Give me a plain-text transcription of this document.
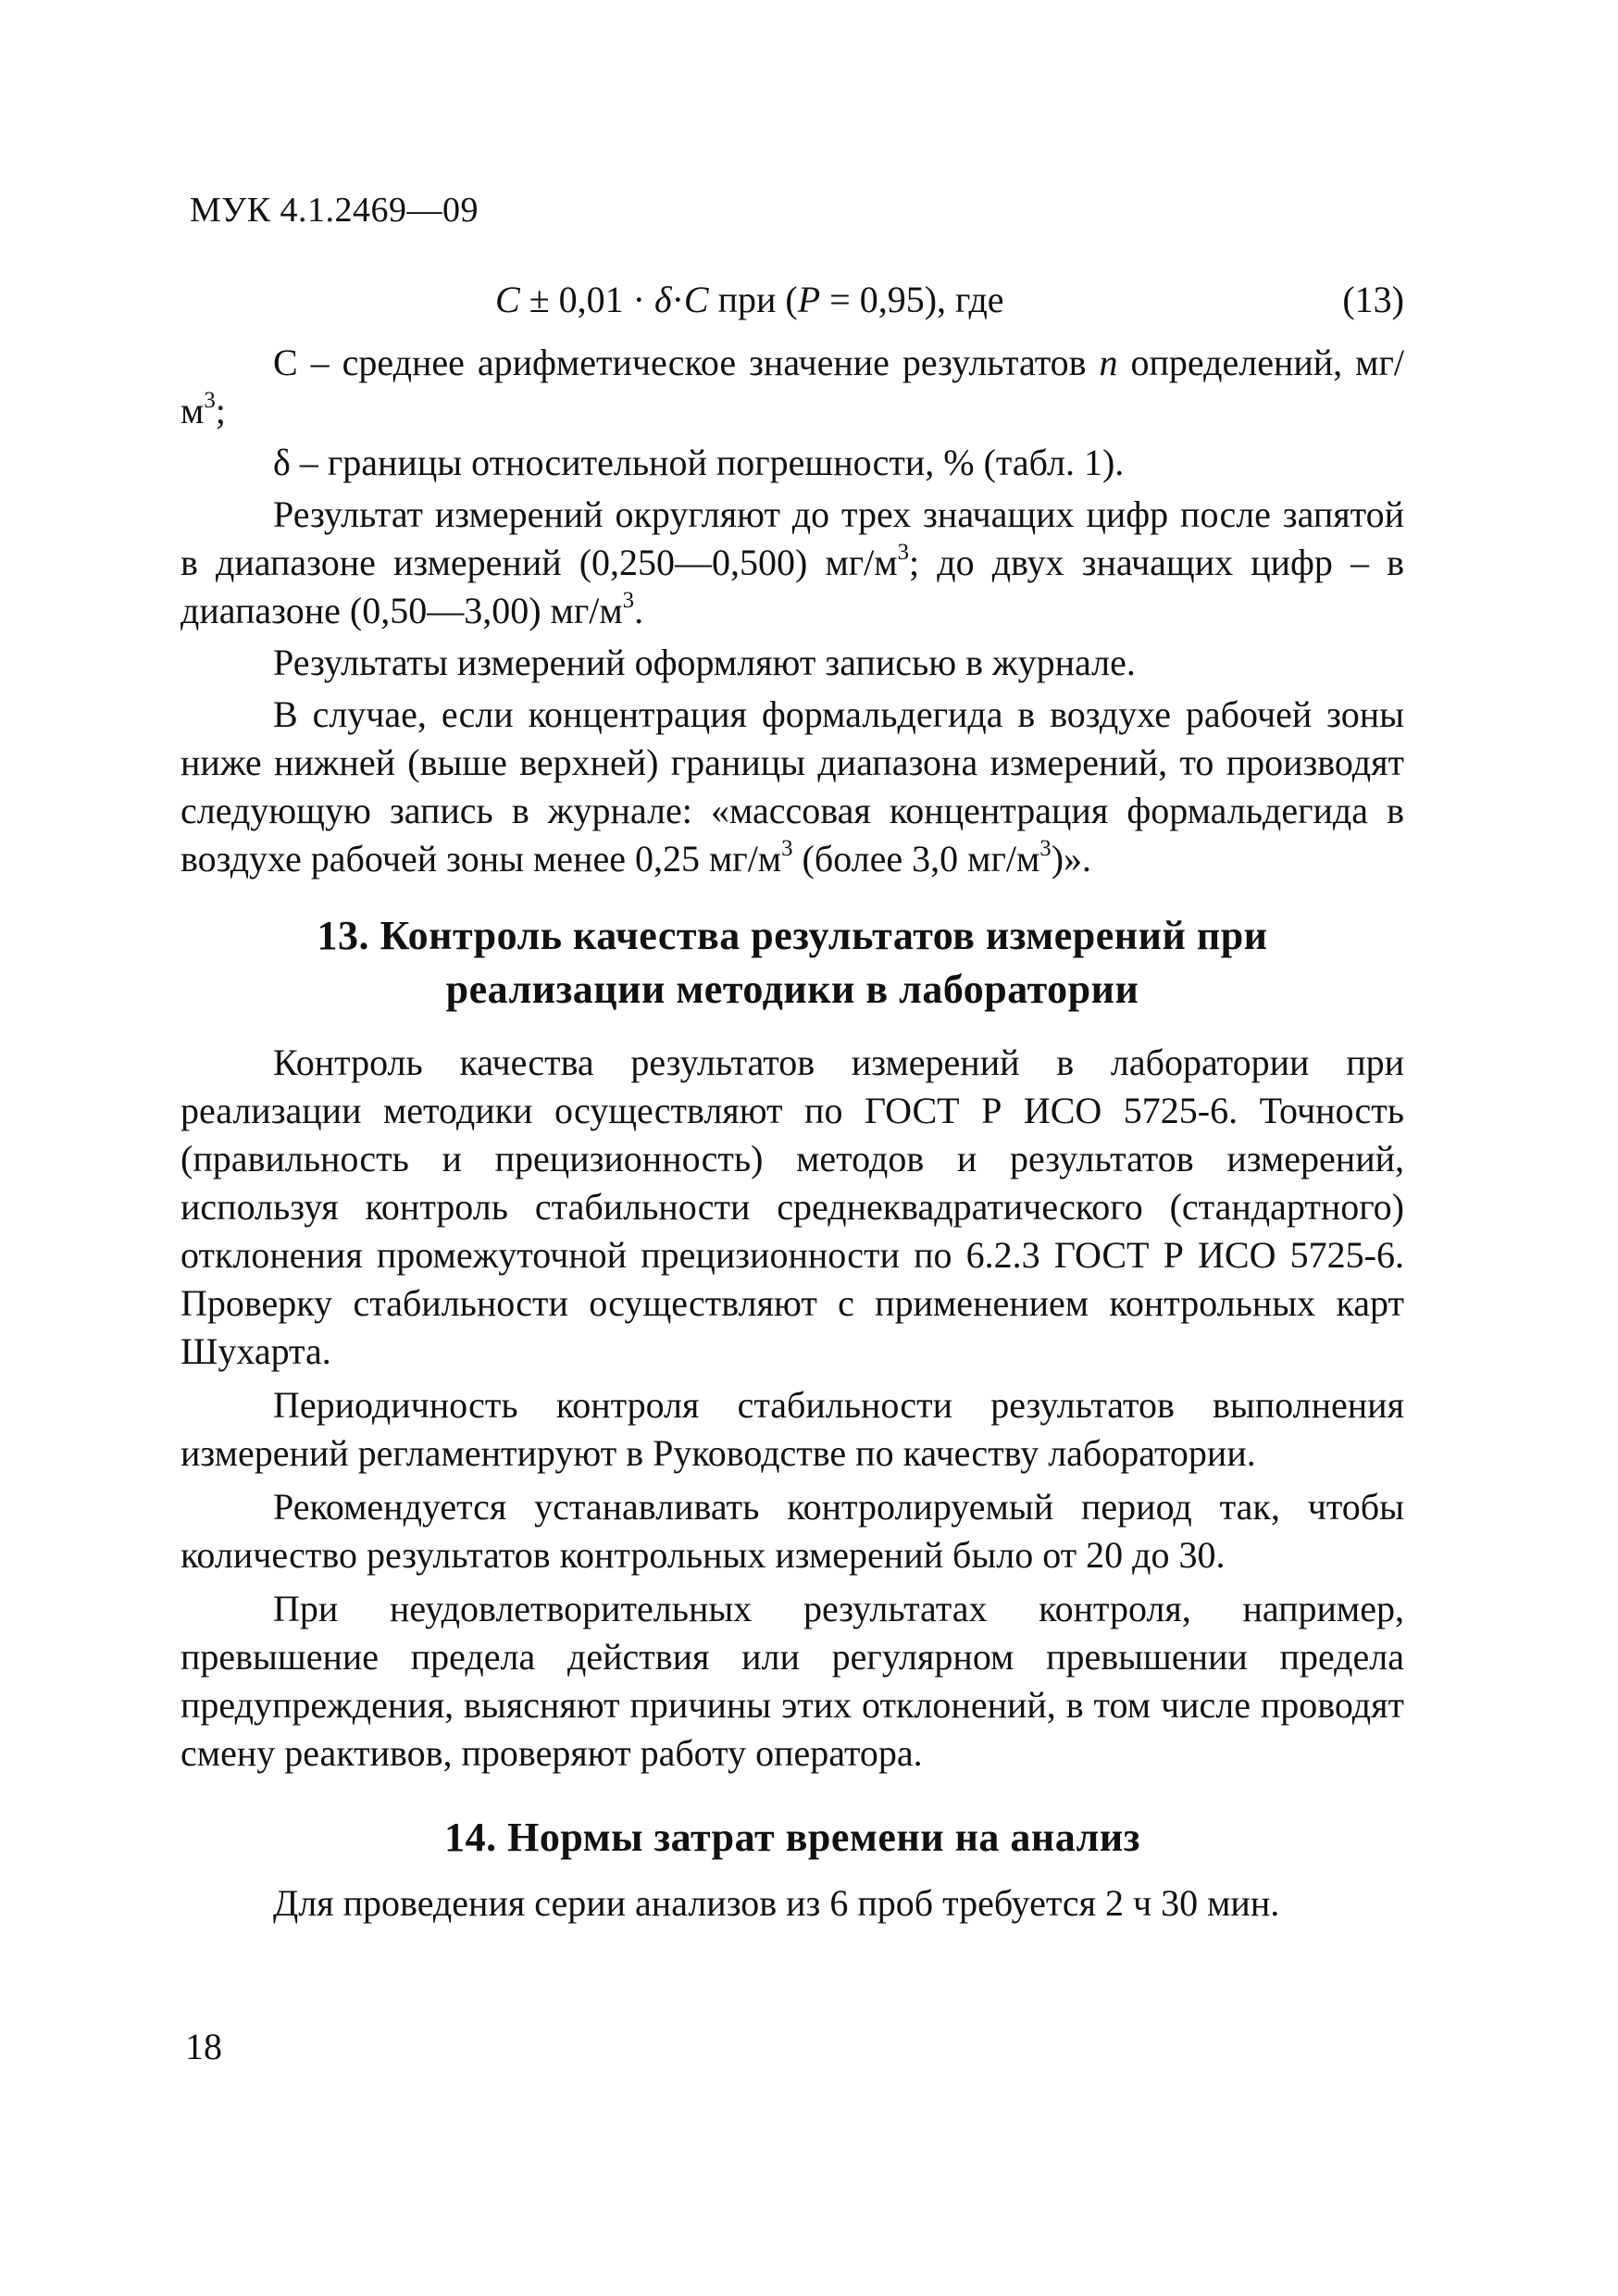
МУК 4.1.2469—09
C ± 0,01 · δ·C при (P = 0,95), где	(13)

С – среднее арифметическое значение результатов n определений, $мг/м^3$;

δ – границы относительной погрешности, % (табл. 1).

Результат измерений округляют до трех значащих цифр после запятой в диапазоне измерений (0,250—0,500) $мг/м^3$; до двух значащих цифр – в диапазоне (0,50—3,00) $мг/м^3$.

Результаты измерений оформляют записью в журнале.

В случае, если концентрация формальдегида в воздухе рабочей зоны ниже нижней (выше верхней) границы диапазона измерений, то производят следующую запись в журнале: «массовая концентрация формальдегида в воздухе рабочей зоны менее 0,25 $мг/м^3$ (более 3,0 $мг/м^3$)».

13. Контроль качества результатов измерений при
реализации методики в лаборатории

Контроль качества результатов измерений в лаборатории при реализации методики осуществляют по ГОСТ Р ИСО 5725-6. Точность (правильность и прецизионность) методов и результатов измерений, используя контроль стабильности среднеквадратического (стандартного) отклонения промежуточной прецизионности по 6.2.3 ГОСТ Р ИСО 5725-6. Проверку стабильности осуществляют с применением контрольных карт Шухарта.

Периодичность контроля стабильности результатов выполнения измерений регламентируют в Руководстве по качеству лаборатории.

Рекомендуется устанавливать контролируемый период так, чтобы количество результатов контрольных измерений было от 20 до 30.

При неудовлетворительных результатах контроля, например, превышение предела действия или регулярном превышении предела предупреждения, выясняют причины этих отклонений, в том числе проводят смену реактивов, проверяют работу оператора.

14. Нормы затрат времени на анализ

Для проведения серии анализов из 6 проб требуется 2 ч 30 мин.

18
